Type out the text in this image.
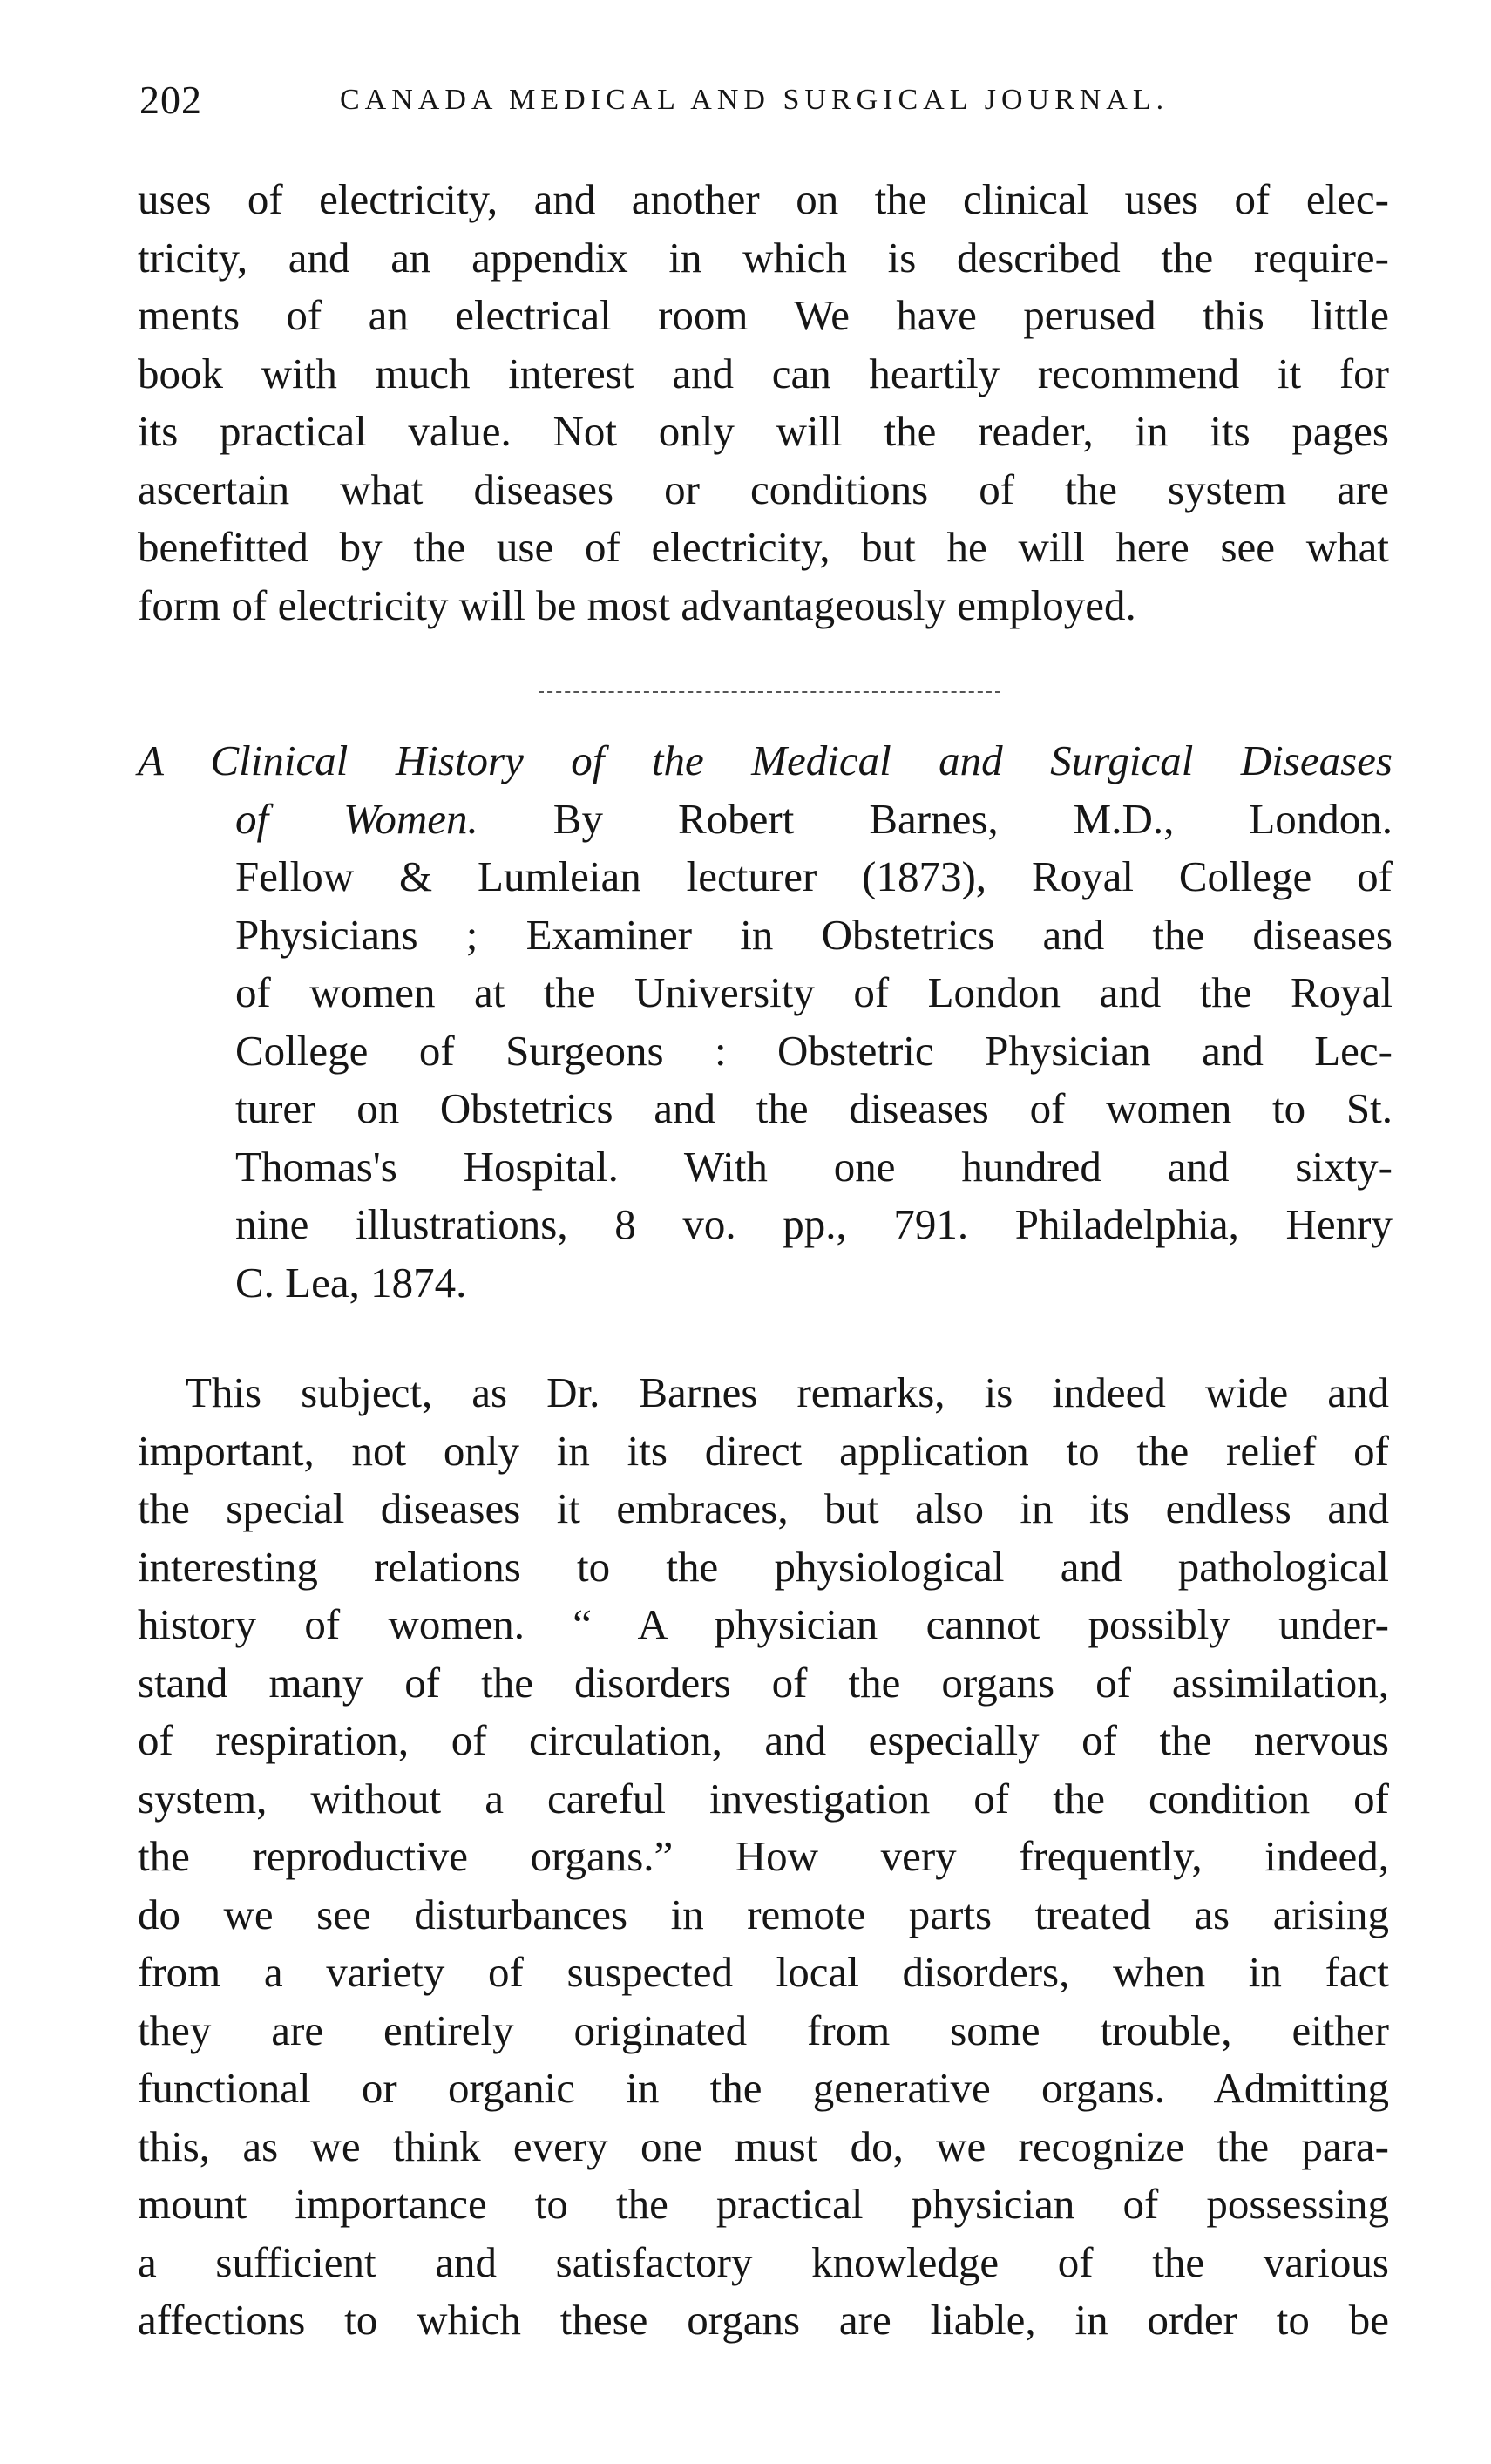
202	CANADA MEDICAL AND SURGICAL JOURNAL.
uses of electricity, and another on the clinical uses of elec-
tricity, and an appendix in which is described the require-
ments of an electrical room We have perused this little
book with much interest and can heartily recommend it for
its practical value. Not only will the reader, in its pages
ascertain what diseases or conditions of the system are
benefitted by the use of electricity, but he will here see what
form of electricity will be most advantageously employed.
A Clinical History of the Medical and Surgical Diseases
of Women. By Robert Barnes, M.D., London.
Fellow & Lumleian lecturer (1873), Royal College of
Physicians ; Examiner in Obstetrics and the diseases
of women at the University of London and the Royal
College of Surgeons : Obstetric Physician and Lec-
turer on Obstetrics and the diseases of women to St.
Thomas's Hospital. With one hundred and sixty-
nine illustrations, 8 vo. pp., 791. Philadelphia, Henry
C. Lea, 1874.
This subject, as Dr. Barnes remarks, is indeed wide and
important, not only in its direct application to the relief of
the special diseases it embraces, but also in its endless and
interesting relations to the physiological and pathological
history of women. “ A physician cannot possibly under-
stand many of the disorders of the organs of assimilation,
of respiration, of circulation, and especially of the nervous
system, without a careful investigation of the condition of
the reproductive organs.” How very frequently, indeed,
do we see disturbances in remote parts treated as arising
from a variety of suspected local disorders, when in fact
they are entirely originated from some trouble, either
functional or organic in the generative organs. Admitting
this, as we think every one must do, we recognize the para-
mount importance to the practical physician of possessing
a sufficient and satisfactory knowledge of the various
affections to which these organs are liable, in order to be
